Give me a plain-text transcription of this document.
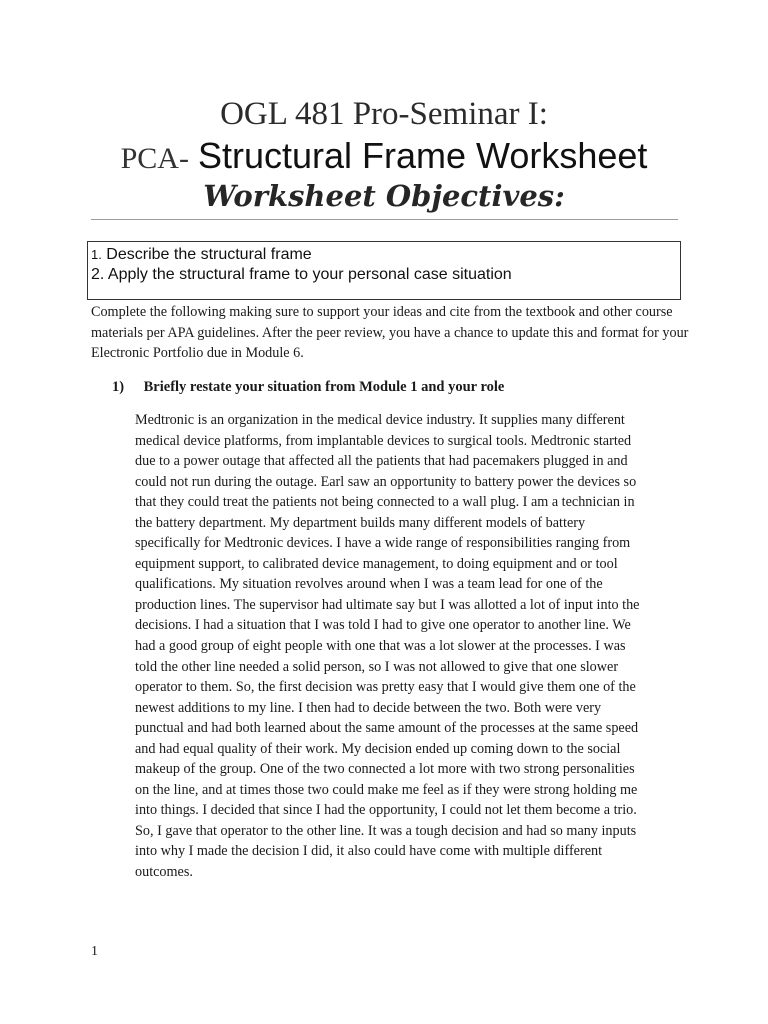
OGL 481 Pro-Seminar I:
PCA- Structural Frame Worksheet
Worksheet Objectives:
1. Describe the structural frame
2. Apply the structural frame to your personal case situation
Complete the following making sure to support your ideas and cite from the textbook and other course materials per APA guidelines. After the peer review, you have a chance to update this and format for your Electronic Portfolio due in Module 6.
1) Briefly restate your situation from Module 1 and your role
Medtronic is an organization in the medical device industry. It supplies many different
medical device platforms, from implantable devices to surgical tools. Medtronic started
due to a power outage that affected all the patients that had pacemakers plugged in and
could not run during the outage. Earl saw an opportunity to battery power the devices so
that they could treat the patients not being connected to a wall plug. I am a technician in
the battery department. My department builds many different models of battery
specifically for Medtronic devices. I have a wide range of responsibilities ranging from
equipment support, to calibrated device management, to doing equipment and or tool
qualifications. My situation revolves around when I was a team lead for one of the
production lines. The supervisor had ultimate say but I was allotted a lot of input into the
decisions. I had a situation that I was told I had to give one operator to another line. We
had a good group of eight people with one that was a lot slower at the processes. I was
told the other line needed a solid person, so I was not allowed to give that one slower
operator to them. So, the first decision was pretty easy that I would give them one of the
newest additions to my line. I then had to decide between the two. Both were very
punctual and had both learned about the same amount of the processes at the same speed
and had equal quality of their work. My decision ended up coming down to the social
makeup of the group. One of the two connected a lot more with two strong personalities
on the line, and at times those two could make me feel as if they were strong holding me
into things. I decided that since I had the opportunity, I could not let them become a trio.
So, I gave that operator to the other line. It was a tough decision and had so many inputs
into why I made the decision I did, it also could have come with multiple different
outcomes.
1
